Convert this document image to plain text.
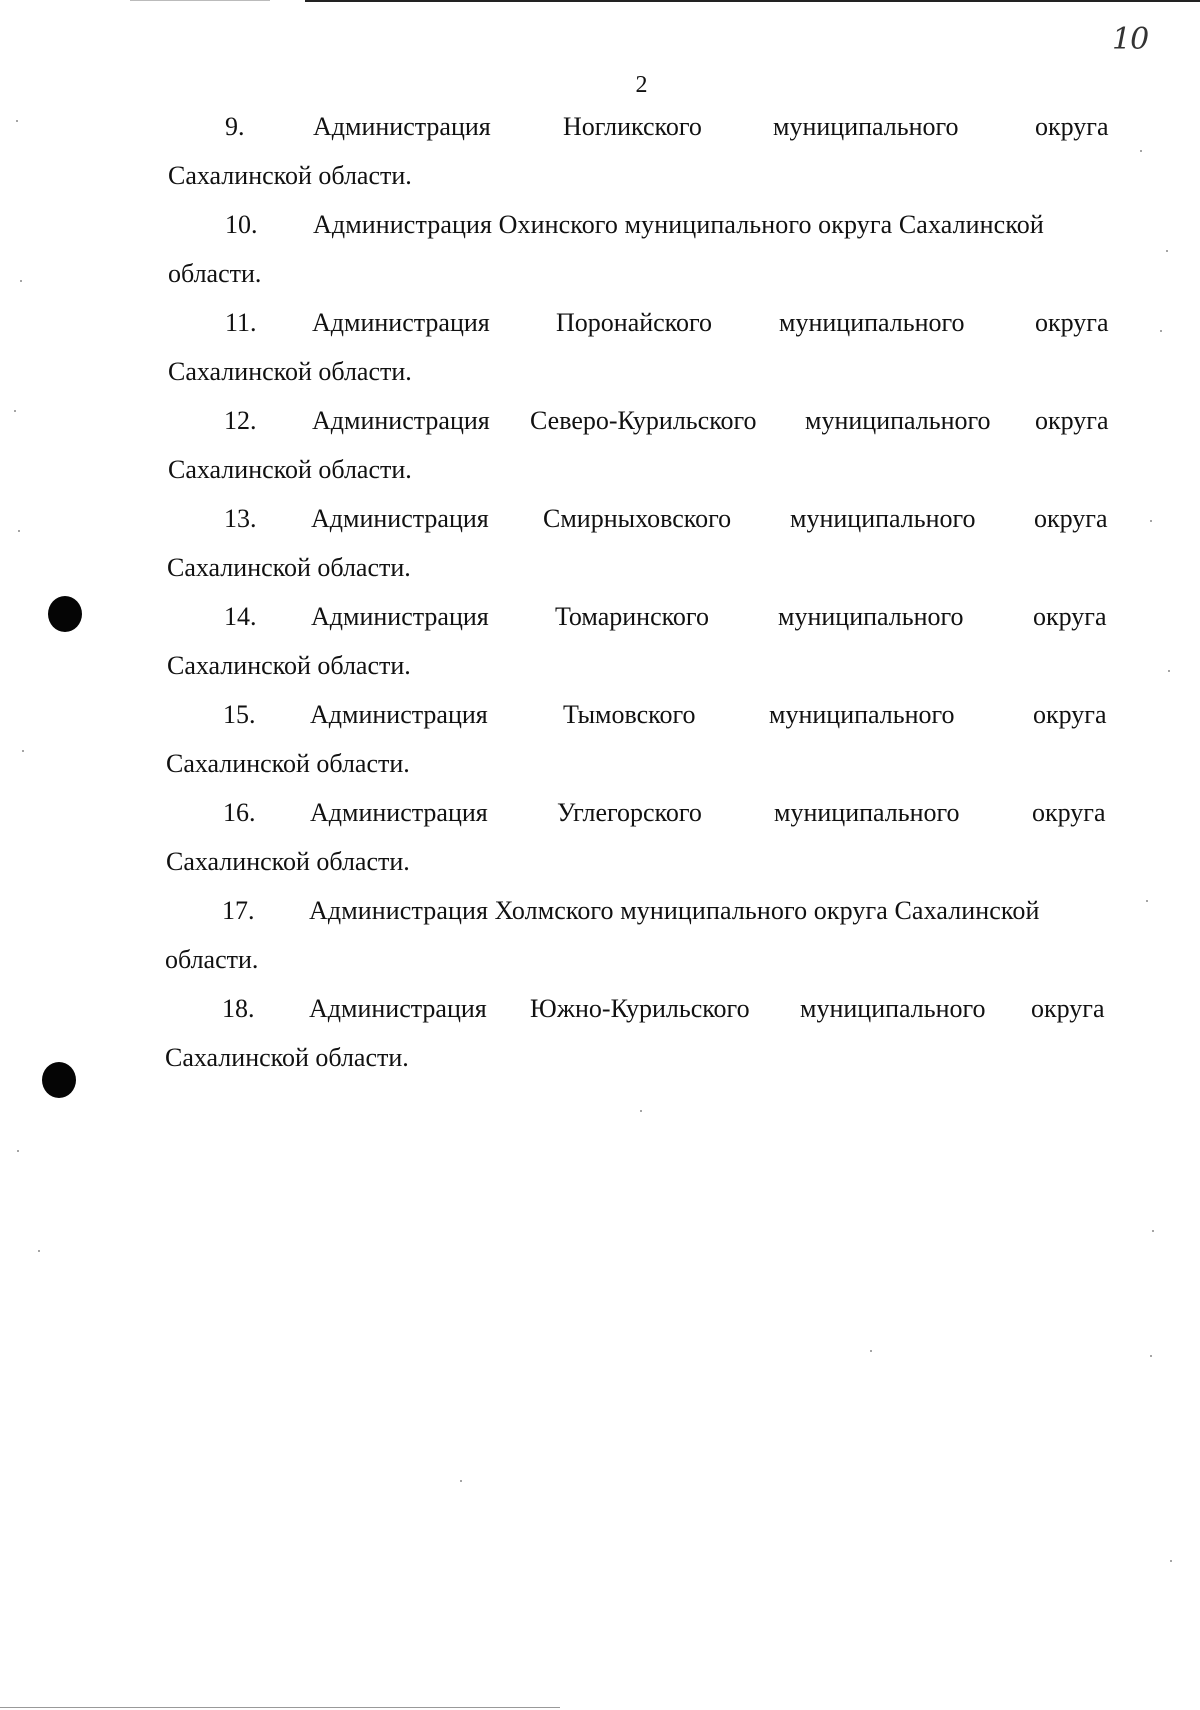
10
2
9.	Администрация	Ногликского	муниципального	округа
Сахалинской области.
10. Администрация Охинского муниципального округа Сахалинской
области.
11. Администрация	Поронайского	муниципального	округа
Сахалинской области.
12. Администрация Северо-Курильского муниципального округа
Сахалинской области.
13. Администрация Смирныховского муниципального округа
Сахалинской области.
14. Администрация	Томаринского	муниципального	округа
Сахалинской области.
15. Администрация	Тымовского	муниципального	округа
Сахалинской области.
16. Администрация	Углегорского	муниципального	округа
Сахалинской области.
17. Администрация Холмского муниципального округа Сахалинской
области.
18. Администрация Южно-Курильского муниципального округа
Сахалинской области.
